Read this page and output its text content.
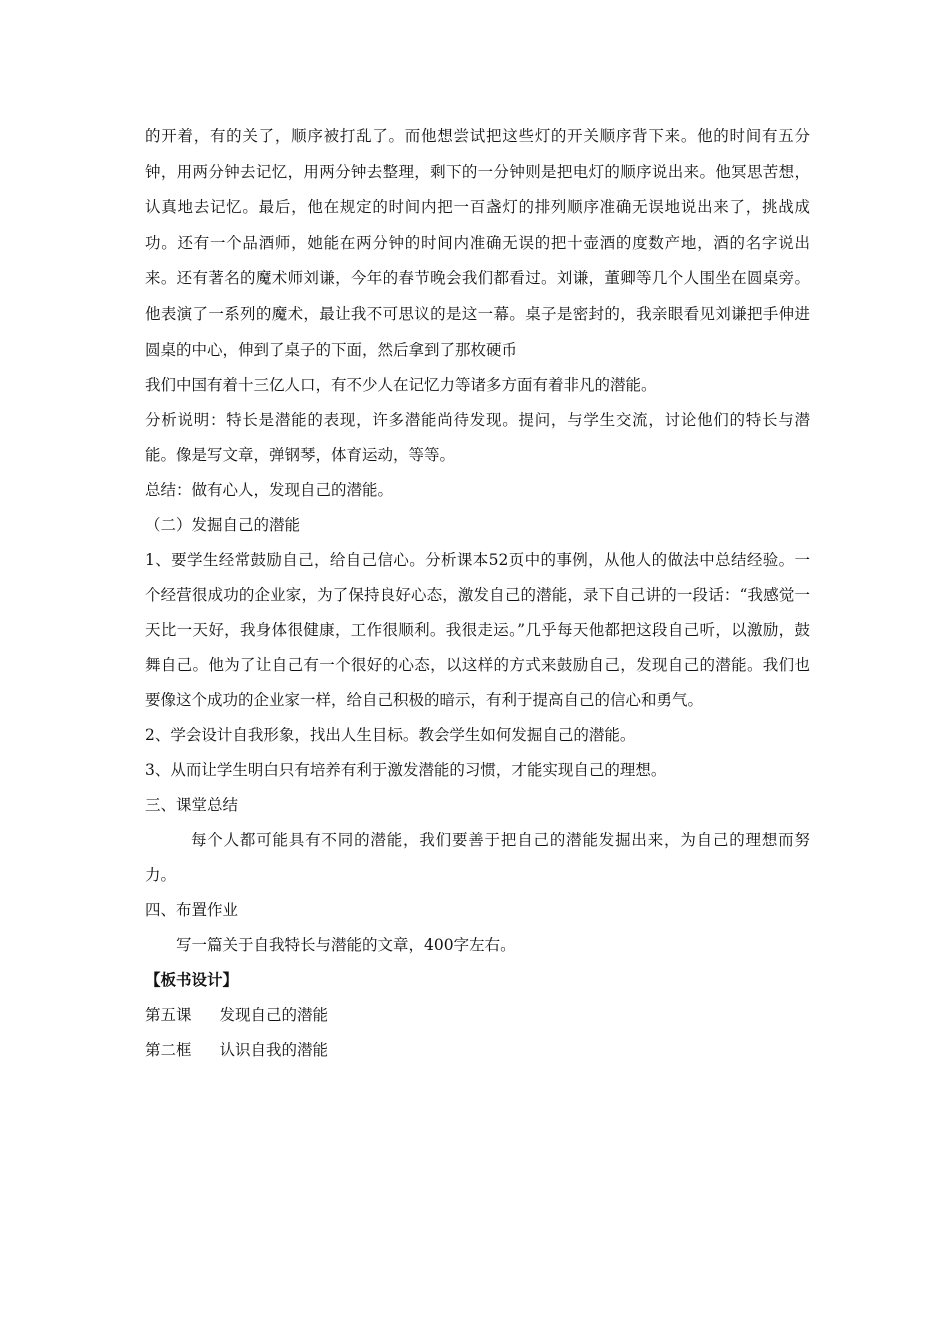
的开着，有的关了，顺序被打乱了。而他想尝试把这些灯的开关顺序背下来。他的时间有五分钟，用两分钟去记忆，用两分钟去整理，剩下的一分钟则是把电灯的顺序说出来。他冥思苦想，认真地去记忆。最后，他在规定的时间内把一百盏灯的排列顺序准确无误地说出来了，挑战成功。还有一个品酒师，她能在两分钟的时间内准确无误的把十壶酒的度数产地，酒的名字说出来。还有著名的魔术师刘谦，今年的春节晚会我们都看过。刘谦，董卿等几个人围坐在圆桌旁。他表演了一系列的魔术，最让我不可思议的是这一幕。桌子是密封的，我亲眼看见刘谦把手伸进圆桌的中心，伸到了桌子的下面，然后拿到了那枚硬币

我们中国有着十三亿人口，有不少人在记忆力等诸多方面有着非凡的潜能。

分析说明：特长是潜能的表现，许多潜能尚待发现。提问，与学生交流，讨论他们的特长与潜能。像是写文章，弹钢琴，体育运动，等等。

总结：做有心人，发现自己的潜能。

（二）发掘自己的潜能

1、要学生经常鼓励自己，给自己信心。分析课本52页中的事例，从他人的做法中总结经验。一个经营很成功的企业家，为了保持良好心态，激发自己的潜能，录下自己讲的一段话：“我感觉一天比一天好，我身体很健康，工作很顺利。我很走运。”几乎每天他都把这段自己听，以激励，鼓舞自己。他为了让自己有一个很好的心态，以这样的方式来鼓励自己，发现自己的潜能。我们也要像这个成功的企业家一样，给自己积极的暗示，有利于提高自己的信心和勇气。

2、学会设计自我形象，找出人生目标。教会学生如何发掘自己的潜能。

3、从而让学生明白只有培养有利于激发潜能的习惯，才能实现自己的理想。

三、课堂总结

每个人都可能具有不同的潜能，我们要善于把自己的潜能发掘出来，为自己的理想而努力。

四、布置作业

写一篇关于自我特长与潜能的文章，400字左右。

【板书设计】

第五课 发现自己的潜能

第二框 认识自我的潜能
